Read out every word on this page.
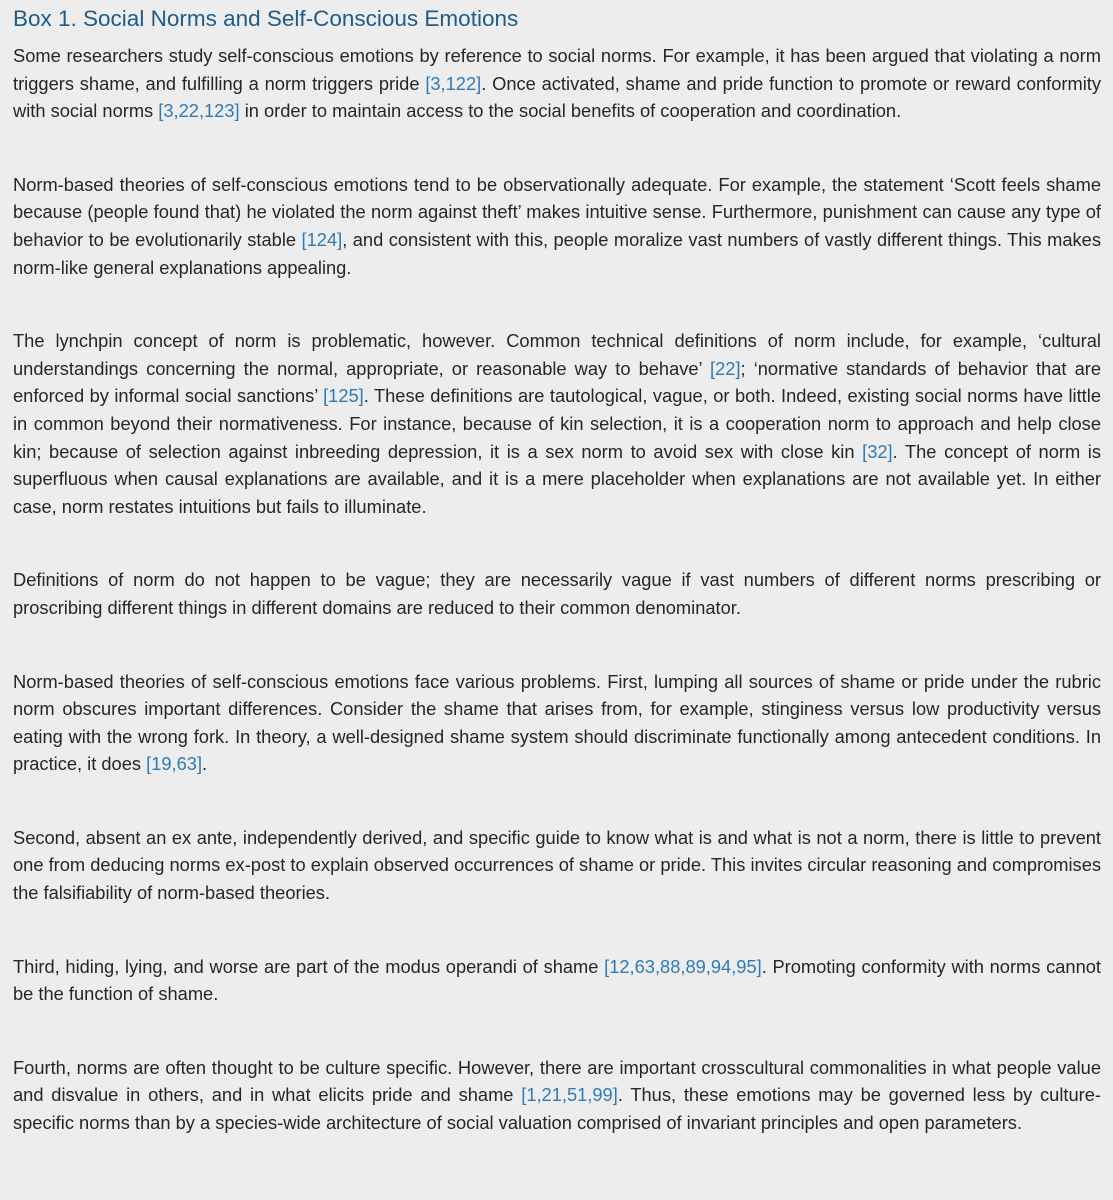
Box 1. Social Norms and Self-Conscious Emotions

Some researchers study self-conscious emotions by reference to social norms. For example, it has been argued that violating a norm triggers shame, and fulfilling a norm triggers pride [3,122]. Once activated, shame and pride function to promote or reward conformity with social norms [3,22,123] in order to maintain access to the social benefits of cooperation and coordination.

Norm-based theories of self-conscious emotions tend to be observationally adequate. For example, the statement ‘Scott feels shame because (people found that) he violated the norm against theft’ makes intuitive sense. Furthermore, punishment can cause any type of behavior to be evolutionarily stable [124], and consistent with this, people moralize vast numbers of vastly different things. This makes norm-like general explanations appealing.

The lynchpin concept of norm is problematic, however. Common technical definitions of norm include, for example, ‘cultural understandings concerning the normal, appropriate, or reasonable way to behave’ [22]; ‘normative standards of behavior that are enforced by informal social sanctions’ [125]. These definitions are tautological, vague, or both. Indeed, existing social norms have little in common beyond their normativeness. For instance, because of kin selection, it is a cooperation norm to approach and help close kin; because of selection against inbreeding depression, it is a sex norm to avoid sex with close kin [32]. The concept of norm is superfluous when causal explanations are available, and it is a mere placeholder when explanations are not available yet. In either case, norm restates intuitions but fails to illuminate.

Definitions of norm do not happen to be vague; they are necessarily vague if vast numbers of different norms prescribing or proscribing different things in different domains are reduced to their common denominator.

Norm-based theories of self-conscious emotions face various problems. First, lumping all sources of shame or pride under the rubric norm obscures important differences. Consider the shame that arises from, for example, stinginess versus low productivity versus eating with the wrong fork. In theory, a well-designed shame system should discriminate functionally among antecedent conditions. In practice, it does [19,63].

Second, absent an ex ante, independently derived, and specific guide to know what is and what is not a norm, there is little to prevent one from deducing norms ex-post to explain observed occurrences of shame or pride. This invites circular reasoning and compromises the falsifiability of norm-based theories.

Third, hiding, lying, and worse are part of the modus operandi of shame [12,63,88,89,94,95]. Promoting conformity with norms cannot be the function of shame.

Fourth, norms are often thought to be culture specific. However, there are important crosscultural commonalities in what people value and disvalue in others, and in what elicits pride and shame [1,21,51,99]. Thus, these emotions may be governed less by culture-specific norms than by a species-wide architecture of social valuation comprised of invariant principles and open parameters.
